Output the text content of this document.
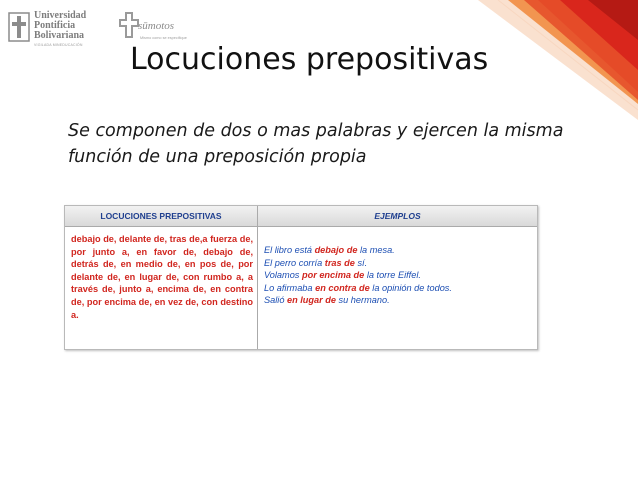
Universidad
Pontificia
Bolivariana
VIGILADA MINEDUCACIÓN
sūmotos
Mismo como se especifique
Locuciones prepositivas
Se componen de dos o mas palabras y ejercen la misma función de una preposición propia
LOCUCIONES PREPOSITIVAS	EJEMPLOS
debajo de, delante de, tras de,a fuerza de, por junto a, en favor de, debajo de, detrás de, en medio de, en pos de, por delante de, en lugar de, con rumbo a, a través de, junto a, encima de, en contra de, por encima de, en vez de, con destino a.
El libro está debajo de la mesa.
El perro corría tras de sí.
Volamos por encima de la torre Eiffel.
Lo afirmaba en contra de la opinión de todos.
Salió en lugar de su hermano.
